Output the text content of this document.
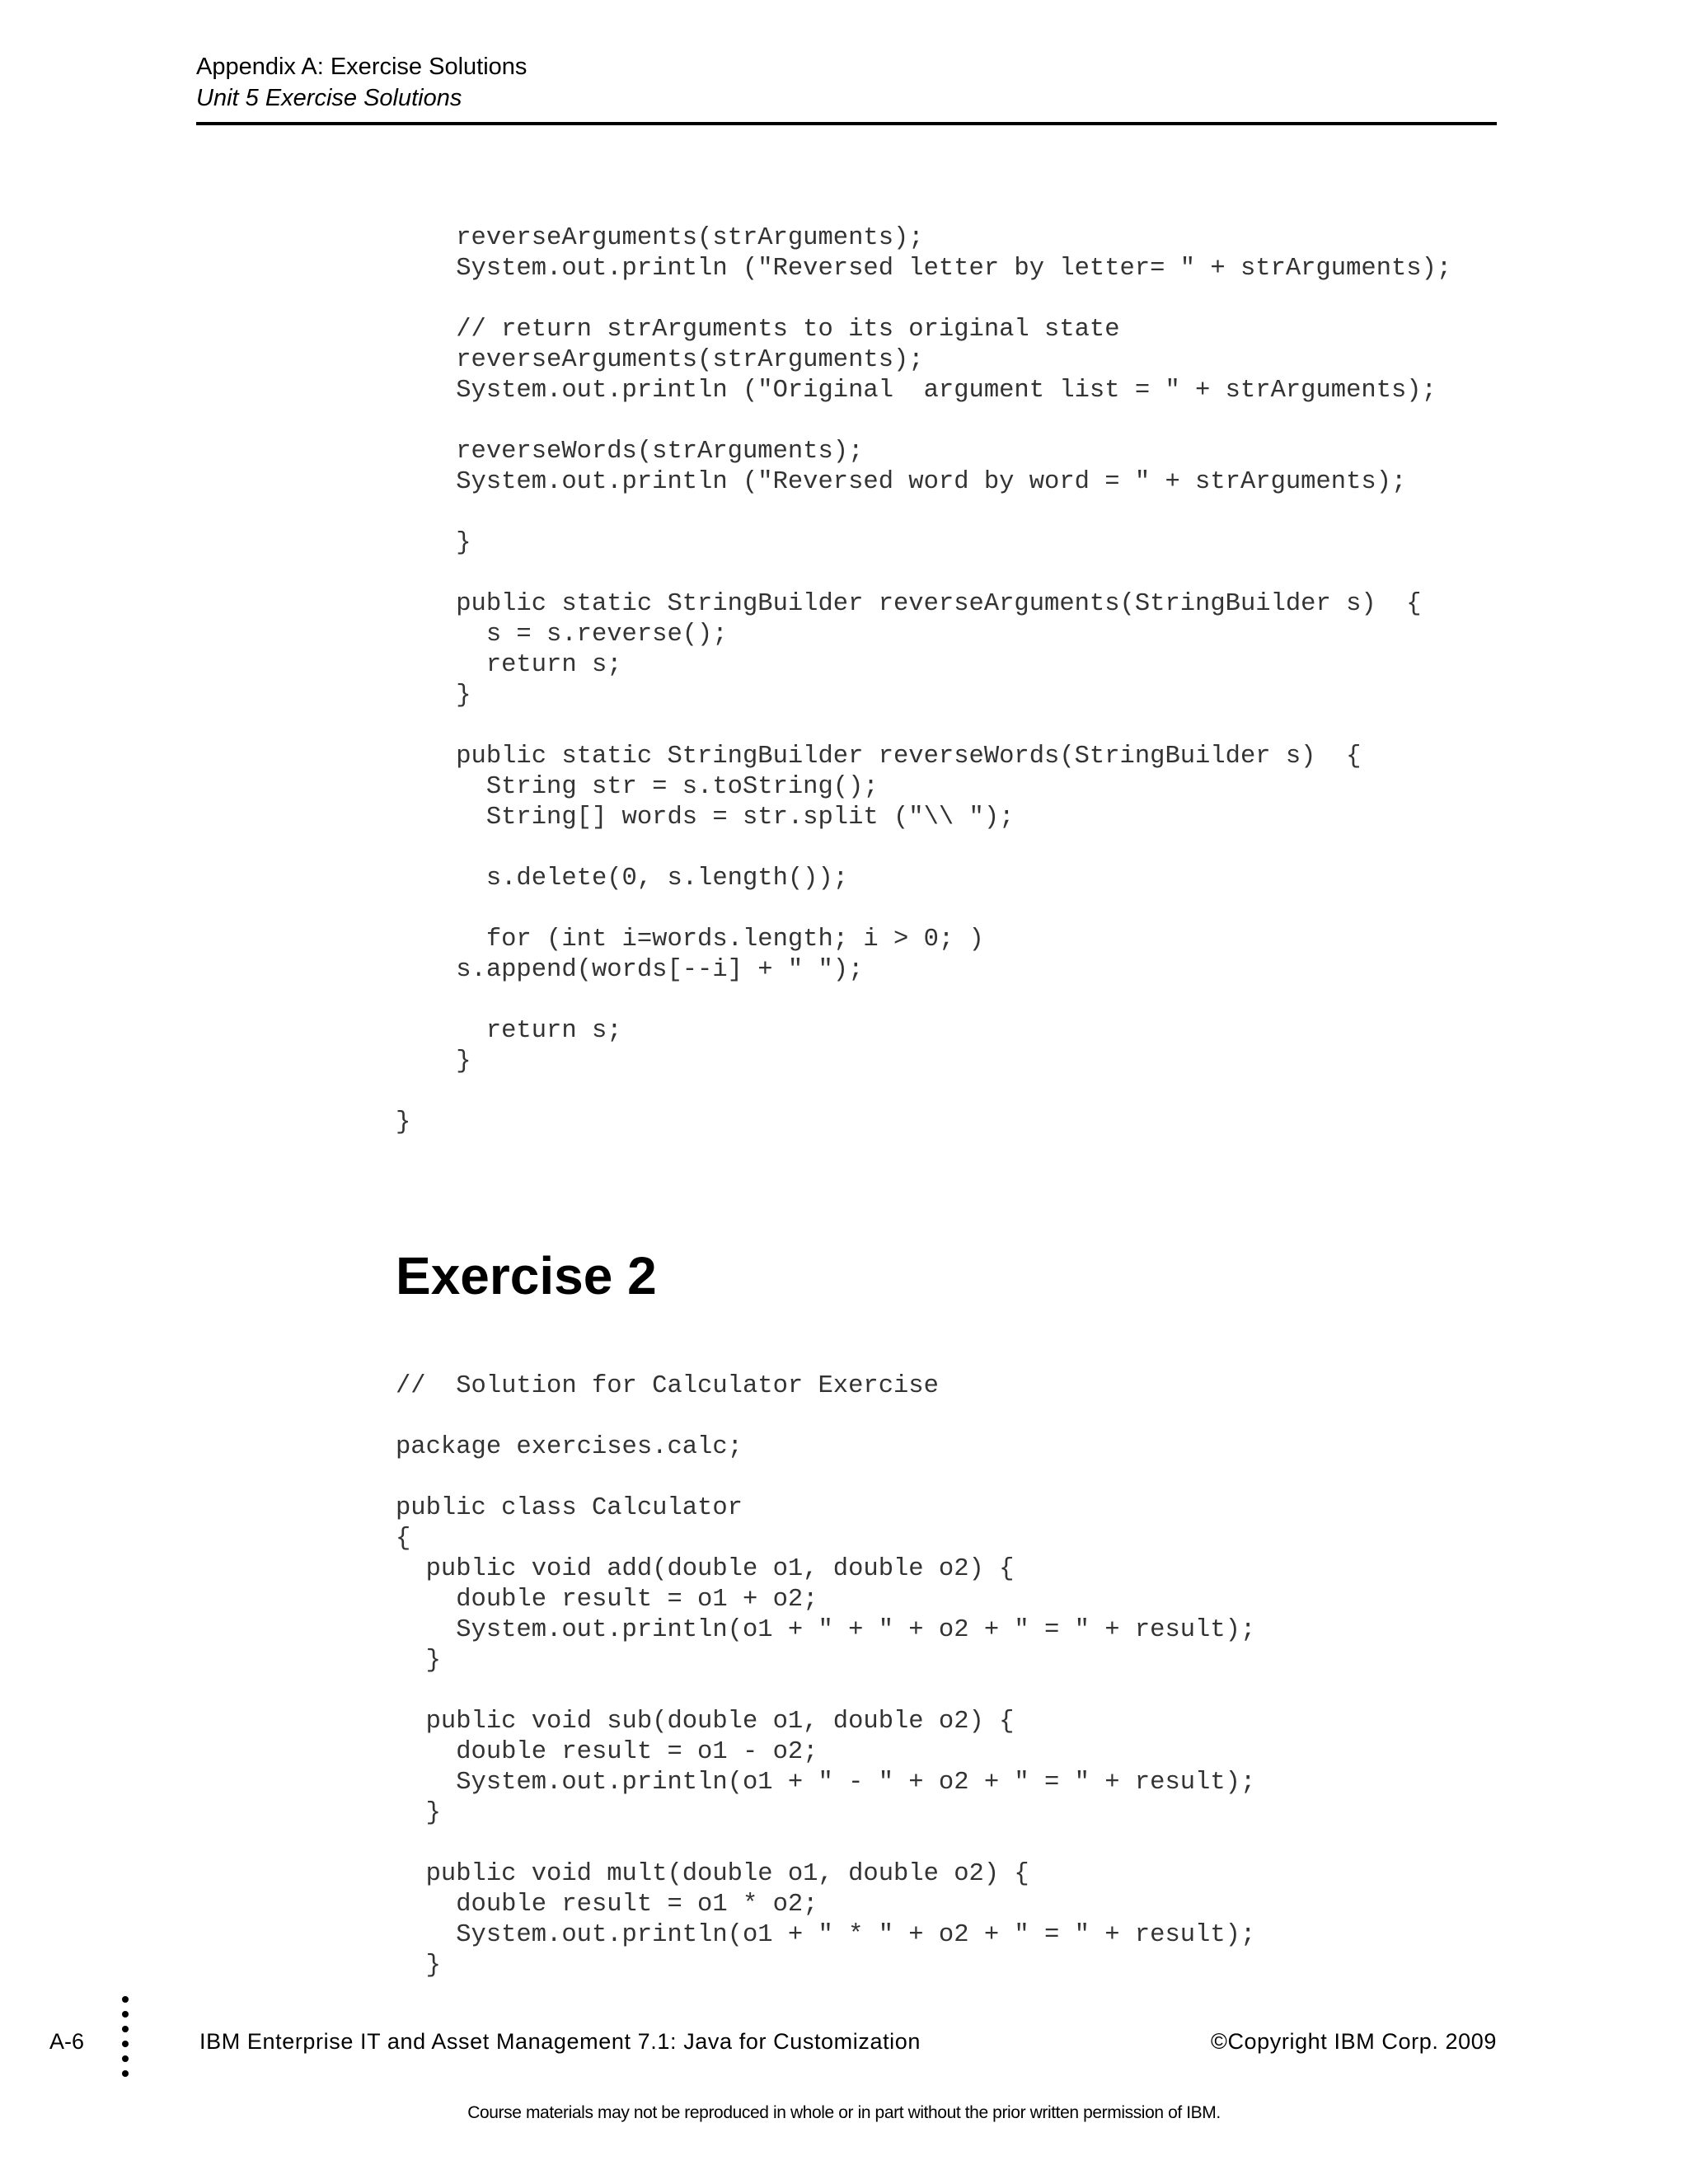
Appendix A: Exercise Solutions
Unit 5 Exercise Solutions
reverseArguments(strArguments);
System.out.println ("Reversed letter by letter= " + strArguments);
// return strArguments to its original state
reverseArguments(strArguments);
System.out.println ("Original  argument list = " + strArguments);
reverseWords(strArguments);
System.out.println ("Reversed word by word = " + strArguments);
}
public static StringBuilder reverseArguments(StringBuilder s)  {
s = s.reverse();
return s;
}
public static StringBuilder reverseWords(StringBuilder s)  {
String str = s.toString();
String[] words = str.split ("\\ ");
s.delete(0, s.length());
for (int i=words.length; i > 0; )
s.append(words[--i] + " ");
return s;
}
}
Exercise 2
//  Solution for Calculator Exercise
package exercises.calc;
public class Calculator
{
public void add(double o1, double o2) {
double result = o1 + o2;
System.out.println(o1 + " + " + o2 + " = " + result);
}
public void sub(double o1, double o2) {
double result = o1 - o2;
System.out.println(o1 + " - " + o2 + " = " + result);
}
public void mult(double o1, double o2) {
double result = o1 * o2;
System.out.println(o1 + " * " + o2 + " = " + result);
}
A-6	IBM Enterprise IT and Asset Management 7.1: Java for Customization	©Copyright IBM Corp. 2009
Course materials may not be reproduced in whole or in part without the prior written permission of IBM.
